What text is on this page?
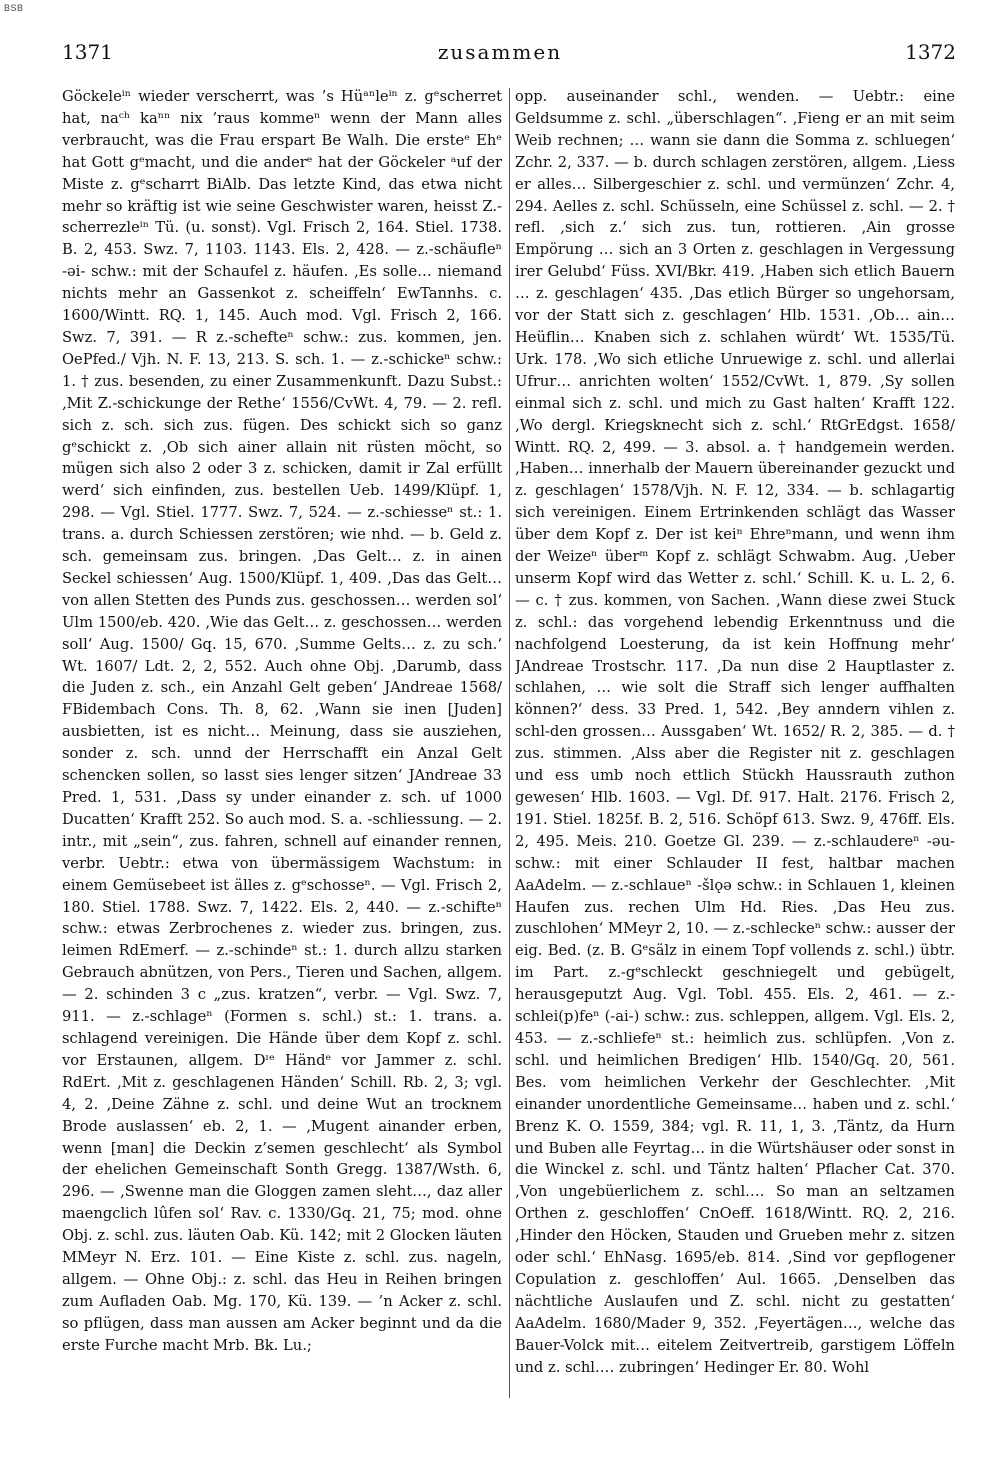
BSB
1371	zusammen	1372

Göckeleⁱⁿ wieder verscherrt, was ’s Hüᵃⁿleⁱⁿ z. gᵉscherret hat, naᶜʰ kaⁿⁿ nix ’raus kommeⁿ wenn der Mann alles verbraucht, was die Frau erspart Be Walh. Die ersteᵉ Ehᵉ hat Gott gᵉmacht, und die anderᵉ hat der Göckeler ᵃuf der Miste z. gᵉscharrt BiAlb. Das letzte Kind, das etwa nicht mehr so kräftig ist wie seine Geschwister waren, heisst Z.-scherrezleⁱⁿ Tü. (u. sonst). Vgl. Frisch 2, 164. Stiel. 1738. B. 2, 453. Swz. 7, 1103. 1143. Els. 2, 428. — z.-schäufleⁿ -əi- schw.: mit der Schaufel z. häufen. ‚Es solle… niemand nichts mehr an Gassenkot z. scheiffeln‘ EwTannhs. c. 1600/Wintt. RQ. 1, 145. Auch mod. Vgl. Frisch 2, 166. Swz. 7, 391. — R z.-schefteⁿ schw.: zus. kommen, jen. OePfed./ Vjh. N. F. 13, 213. S. sch. 1. — z.-schickeⁿ schw.: 1. † zus. besenden, zu einer Zusammenkunft. Dazu Subst.: ‚Mit Z.-schickunge der Rethe‘ 1556/CvWt. 4, 79. — 2. refl. sich z. sch. sich zus. fügen. Des schickt sich so ganz gᵉschickt z. ‚Ob sich ainer allain nit rüsten möcht, so mügen sich also 2 oder 3 z. schicken, damit ir Zal erfüllt werd‘ sich einfinden, zus. bestellen Ueb. 1499/Klüpf. 1, 298. — Vgl. Stiel. 1777. Swz. 7, 524. — z.-schiesseⁿ st.: 1. trans. a. durch Schiessen zerstören; wie nhd. — b. Geld z. sch. gemeinsam zus. bringen. ‚Das Gelt… z. in ainen Seckel schiessen‘ Aug. 1500/Klüpf. 1, 409. ‚Das das Gelt… von allen Stetten des Punds zus. geschossen… werden sol‘ Ulm 1500/eb. 420. ‚Wie das Gelt… z. geschossen… werden soll‘ Aug. 1500/ Gq. 15, 670. ‚Summe Gelts… z. zu sch.‘ Wt. 1607/ Ldt. 2, 2, 552. Auch ohne Obj. ‚Darumb, dass die Juden z. sch., ein Anzahl Gelt geben‘ JAndreae 1568/ FBidembach Cons. Th. 8, 62. ‚Wann sie inen [Juden] ausbietten, ist es nicht… Meinung, dass sie ausziehen, sonder z. sch. unnd der Herrschafft ein Anzal Gelt schencken sollen, so lasst sies lenger sitzen‘ JAndreae 33 Pred. 1, 531. ‚Dass sy under einander z. sch. uf 1000 Ducatten‘ Krafft 252. So auch mod. S. a. -schliessung. — 2. intr., mit „sein“, zus. fahren, schnell auf einander rennen, verbr. Uebtr.: etwa von übermässigem Wachstum: in einem Gemüsebeet ist älles z. gᵉschosseⁿ. — Vgl. Frisch 2, 180. Stiel. 1788. Swz. 7, 1422. Els. 2, 440. — z.-schifteⁿ schw.: etwas Zerbrochenes z. wieder zus. bringen, zus. leimen RdEmerf. — z.-schindeⁿ st.: 1. durch allzu starken Gebrauch abnützen, von Pers., Tieren und Sachen, allgem. — 2. schinden 3 c „zus. kratzen“, verbr. — Vgl. Swz. 7, 911. — z.-schlageⁿ (Formen s. schl.) st.: 1. trans. a. schlagend vereinigen. Die Hände über dem Kopf z. schl. vor Erstaunen, allgem. Dᶦᵉ Händᵉ vor Jammer z. schl. RdErt. ‚Mit z. geschlagenen Händen‘ Schill. Rb. 2, 3; vgl. 4, 2. ‚Deine Zähne z. schl. und deine Wut an trocknem Brode auslassen‘ eb. 2, 1. — ‚Mugent ainander erben, wenn [man] die Deckin z’semen geschlecht‘ als Symbol der ehelichen Gemeinschaft Sonth Gregg. 1387/Wsth. 6, 296. — ‚Swenne man die Gloggen zamen sleht…, daz aller maengclich lûfen sol‘ Rav. c. 1330/Gq. 21, 75; mod. ohne Obj. z. schl. zus. läuten Oab. Kü. 142; mit 2 Glocken läuten MMeyr N. Erz. 101. — Eine Kiste z. schl. zus. nageln, allgem. — Ohne Obj.: z. schl. das Heu in Reihen bringen zum Aufladen Oab. Mg. 170, Kü. 139. — ’n Acker z. schl. so pflügen, dass man aussen am Acker beginnt und da die erste Furche macht Mrb. Bk. Lu.;

opp. auseinander schl., wenden. — Uebtr.: eine Geldsumme z. schl. „überschlagen“. ‚Fieng er an mit seim Weib rechnen; … wann sie dann die Somma z. schluegen‘ Zchr. 2, 337. — b. durch schlagen zerstören, allgem. ‚Liess er alles… Silbergeschier z. schl. und vermünzen‘ Zchr. 4, 294. Aelles z. schl. Schüsseln, eine Schüssel z. schl. — 2. † refl. ‚sich z.‘ sich zus. tun, rottieren. ‚Ain grosse Empörung … sich an 3 Orten z. geschlagen in Vergessung irer Gelubd‘ Füss. XVI/Bkr. 419. ‚Haben sich etlich Bauern … z. geschlagen‘ 435. ‚Das etlich Bürger so ungehorsam, vor der Statt sich z. geschlagen‘ Hlb. 1531. ‚Ob… ain… Heüflin… Knaben sich z. schlahen würdt‘ Wt. 1535/Tü. Urk. 178. ‚Wo sich etliche Unruewige z. schl. und allerlai Ufrur… anrichten wolten‘ 1552/CvWt. 1, 879. ‚Sy sollen einmal sich z. schl. und mich zu Gast halten‘ Krafft 122. ‚Wo dergl. Kriegsknecht sich z. schl.‘ RtGrEdgst. 1658/ Wintt. RQ. 2, 499. — 3. absol. a. † handgemein werden. ‚Haben… innerhalb der Mauern übereinander gezuckt und z. geschlagen‘ 1578/Vjh. N. F. 12, 334. — b. schlagartig sich vereinigen. Einem Ertrinkenden schlägt das Wasser über dem Kopf z. Der ist keiⁿ Ehreⁿmann, und wenn ihm der Weizeⁿ überᵐ Kopf z. schlägt Schwabm. Aug. ‚Ueber unserm Kopf wird das Wetter z. schl.‘ Schill. K. u. L. 2, 6. — c. † zus. kommen, von Sachen. ‚Wann diese zwei Stuck z. schl.: das vorgehend lebendig Erkenntnuss und die nachfolgend Loesterung, da ist kein Hoffnung mehr‘ JAndreae Trostschr. 117. ‚Da nun dise 2 Hauptlaster z. schlahen, … wie solt die Straff sich lenger auffhalten können?‘ dess. 33 Pred. 1, 542. ‚Bey anndern vihlen z. schl-den grossen… Aussgaben‘ Wt. 1652/ R. 2, 385. — d. † zus. stimmen. ‚Alss aber die Register nit z. geschlagen und ess umb noch ettlich Stückh Haussrauth zuthon gewesen‘ Hlb. 1603. — Vgl. Df. 917. Halt. 2176. Frisch 2, 191. Stiel. 1825f. B. 2, 516. Schöpf 613. Swz. 9, 476ff. Els. 2, 495. Meis. 210. Goetze Gl. 239. — z.-schlaudereⁿ -əu- schw.: mit einer Schlauder II fest, haltbar machen AaAdelm. — z.-schlaueⁿ -šlǫə schw.: in Schlauen 1, kleinen Haufen zus. rechen Ulm Hd. Ries. ‚Das Heu zus. zuschlohen‘ MMeyr 2, 10. — z.-schleckeⁿ schw.: ausser der eig. Bed. (z. B. Gᵉsälz in einem Topf vollends z. schl.) übtr. im Part. z.-gᵉschleckt geschniegelt und gebügelt, herausgeputzt Aug. Vgl. Tobl. 455. Els. 2, 461. — z.-schlei(p)feⁿ (-ai-) schw.: zus. schleppen, allgem. Vgl. Els. 2, 453. — z.-schliefeⁿ st.: heimlich zus. schlüpfen. ‚Von z. schl. und heimlichen Bredigen‘ Hlb. 1540/Gq. 20, 561. Bes. vom heimlichen Verkehr der Geschlechter. ‚Mit einander unordentliche Gemeinsame… haben und z. schl.‘ Brenz K. O. 1559, 384; vgl. R. 11, 1, 3. ‚Täntz, da Hurn und Buben alle Feyrtag… in die Würtshäuser oder sonst in die Winckel z. schl. und Täntz halten‘ Pflacher Cat. 370. ‚Von ungebüerlichem z. schl.… So man an seltzamen Orthen z. geschloffen‘ CnOeff. 1618/Wintt. RQ. 2, 216. ‚Hinder den Höcken, Stauden und Grueben mehr z. sitzen oder schl.‘ EhNasg. 1695/eb. 814. ‚Sind vor gepflogener Copulation z. geschloffen‘ Aul. 1665. ‚Denselben das nächtliche Auslaufen und Z. schl. nicht zu gestatten‘ AaAdelm. 1680/Mader 9, 352. ‚Feyertägen…, welche das Bauer-Volck mit… eitelem Zeitvertreib, garstigem Löffeln und z. schl.… zubringen‘ Hedinger Er. 80. Wohl
